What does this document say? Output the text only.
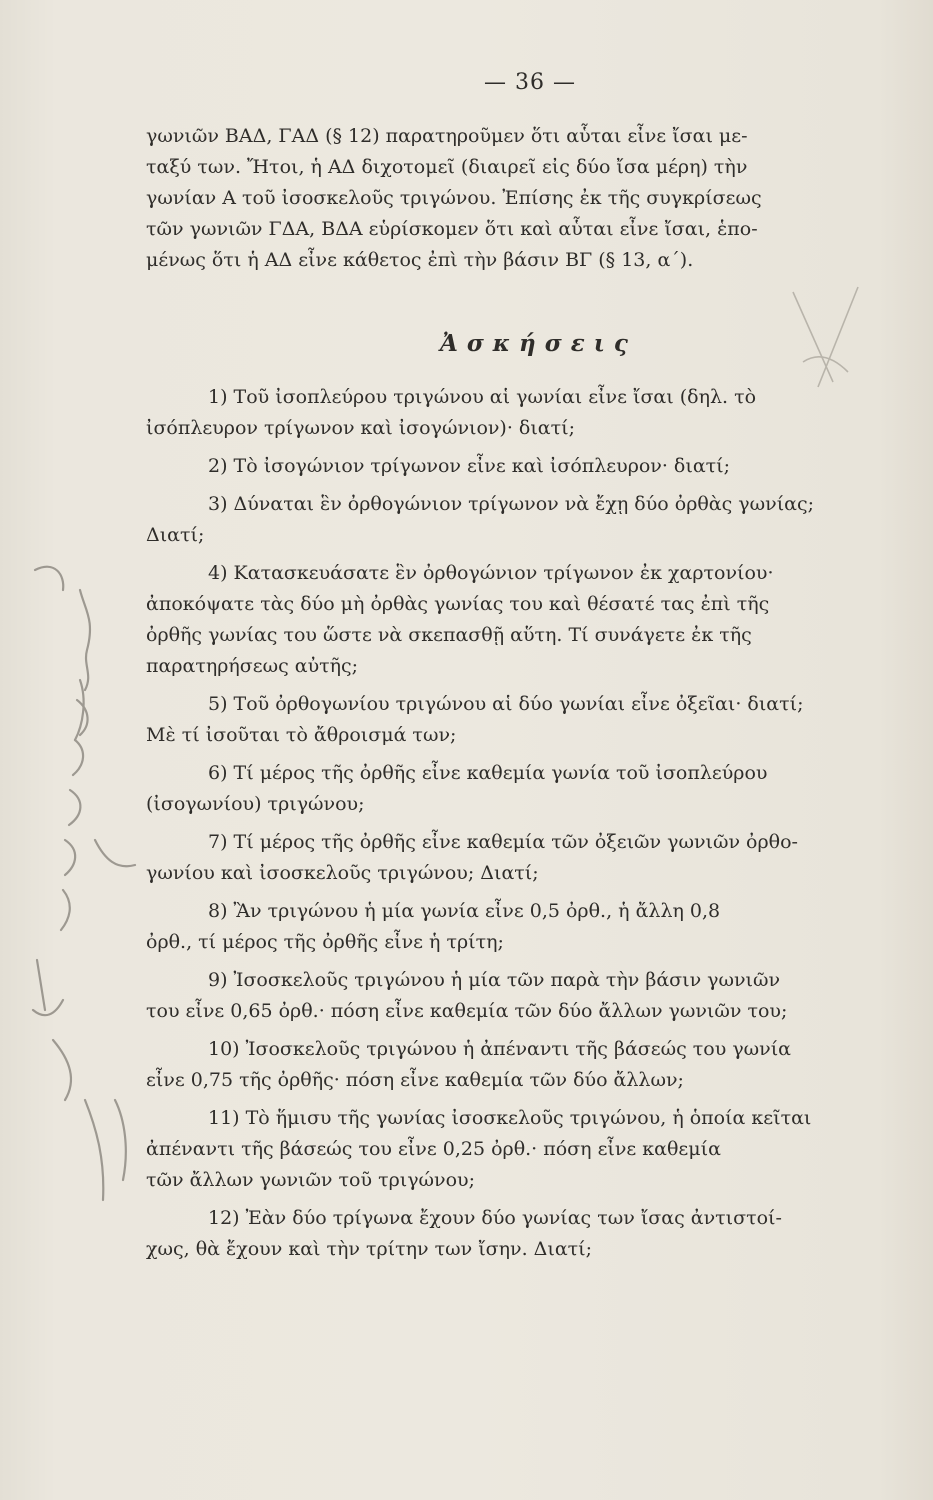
— 36 —
γωνιῶν ΒΑΔ, ΓΑΔ (§ 12) παρατηροῦμεν ὅτι αὗται εἶνε ἴσαι με-
ταξύ των. Ἤτοι, ἡ ΑΔ διχοτομεῖ (διαιρεῖ εἰς δύο ἴσα μέρη) τὴν
γωνίαν Α τοῦ ἰσοσκελοῦς τριγώνου. Ἐπίσης ἐκ τῆς συγκρίσεως
τῶν γωνιῶν ΓΔΑ, ΒΔΑ εὑρίσκομεν ὅτι καὶ αὗται εἶνε ἴσαι, ἑπο-
μένως ὅτι ἡ ΑΔ εἶνε κάθετος ἐπὶ τὴν βάσιν ΒΓ (§ 13, α΄).
Ἀσκήσεις
1) Τοῦ ἰσοπλεύρου τριγώνου αἱ γωνίαι εἶνε ἴσαι (δηλ. τὸ
ἰσόπλευρον τρίγωνον καὶ ἰσογώνιον)· διατί;
2) Τὸ ἰσογώνιον τρίγωνον εἶνε καὶ ἰσόπλευρον· διατί;
3) Δύναται ἓν ὀρθογώνιον τρίγωνον νὰ ἔχῃ δύο ὀρθὰς γωνίας;
Διατί;
4) Κατασκευάσατε ἓν ὀρθογώνιον τρίγωνον ἐκ χαρτονίου·
ἀποκόψατε τὰς δύο μὴ ὀρθὰς γωνίας του καὶ θέσατέ τας ἐπὶ τῆς
ὀρθῆς γωνίας του ὥστε νὰ σκεπασθῇ αὕτη. Τί συνάγετε ἐκ τῆς
παρατηρήσεως αὐτῆς;
5) Τοῦ ὀρθογωνίου τριγώνου αἱ δύο γωνίαι εἶνε ὀξεῖαι· διατί;
Μὲ τί ἰσοῦται τὸ ἄθροισμά των;
6) Τί μέρος τῆς ὀρθῆς εἶνε καθεμία γωνία τοῦ ἰσοπλεύρου
(ἰσογωνίου) τριγώνου;
7) Τί μέρος τῆς ὀρθῆς εἶνε καθεμία τῶν ὀξειῶν γωνιῶν ὀρθο-
γωνίου καὶ ἰσοσκελοῦς τριγώνου; Διατί;
8) Ἂν τριγώνου ἡ μία γωνία εἶνε 0,5 ὀρθ., ἡ ἄλλη 0,8
ὀρθ., τί μέρος τῆς ὀρθῆς εἶνε ἡ τρίτη;
9) Ἰσοσκελοῦς τριγώνου ἡ μία τῶν παρὰ τὴν βάσιν γωνιῶν
του εἶνε 0,65 ὀρθ.· πόση εἶνε καθεμία τῶν δύο ἄλλων γωνιῶν του;
10) Ἰσοσκελοῦς τριγώνου ἡ ἀπέναντι τῆς βάσεώς του γωνία
εἶνε 0,75 τῆς ὀρθῆς· πόση εἶνε καθεμία τῶν δύο ἄλλων;
11) Τὸ ἥμισυ τῆς γωνίας ἰσοσκελοῦς τριγώνου, ἡ ὁποία κεῖται
ἀπέναντι τῆς βάσεώς του εἶνε 0,25 ὀρθ.· πόση εἶνε καθεμία
τῶν ἄλλων γωνιῶν τοῦ τριγώνου;
12) Ἐὰν δύο τρίγωνα ἔχουν δύο γωνίας των ἴσας ἀντιστοί-
χως, θὰ ἔχουν καὶ τὴν τρίτην των ἴσην. Διατί;
